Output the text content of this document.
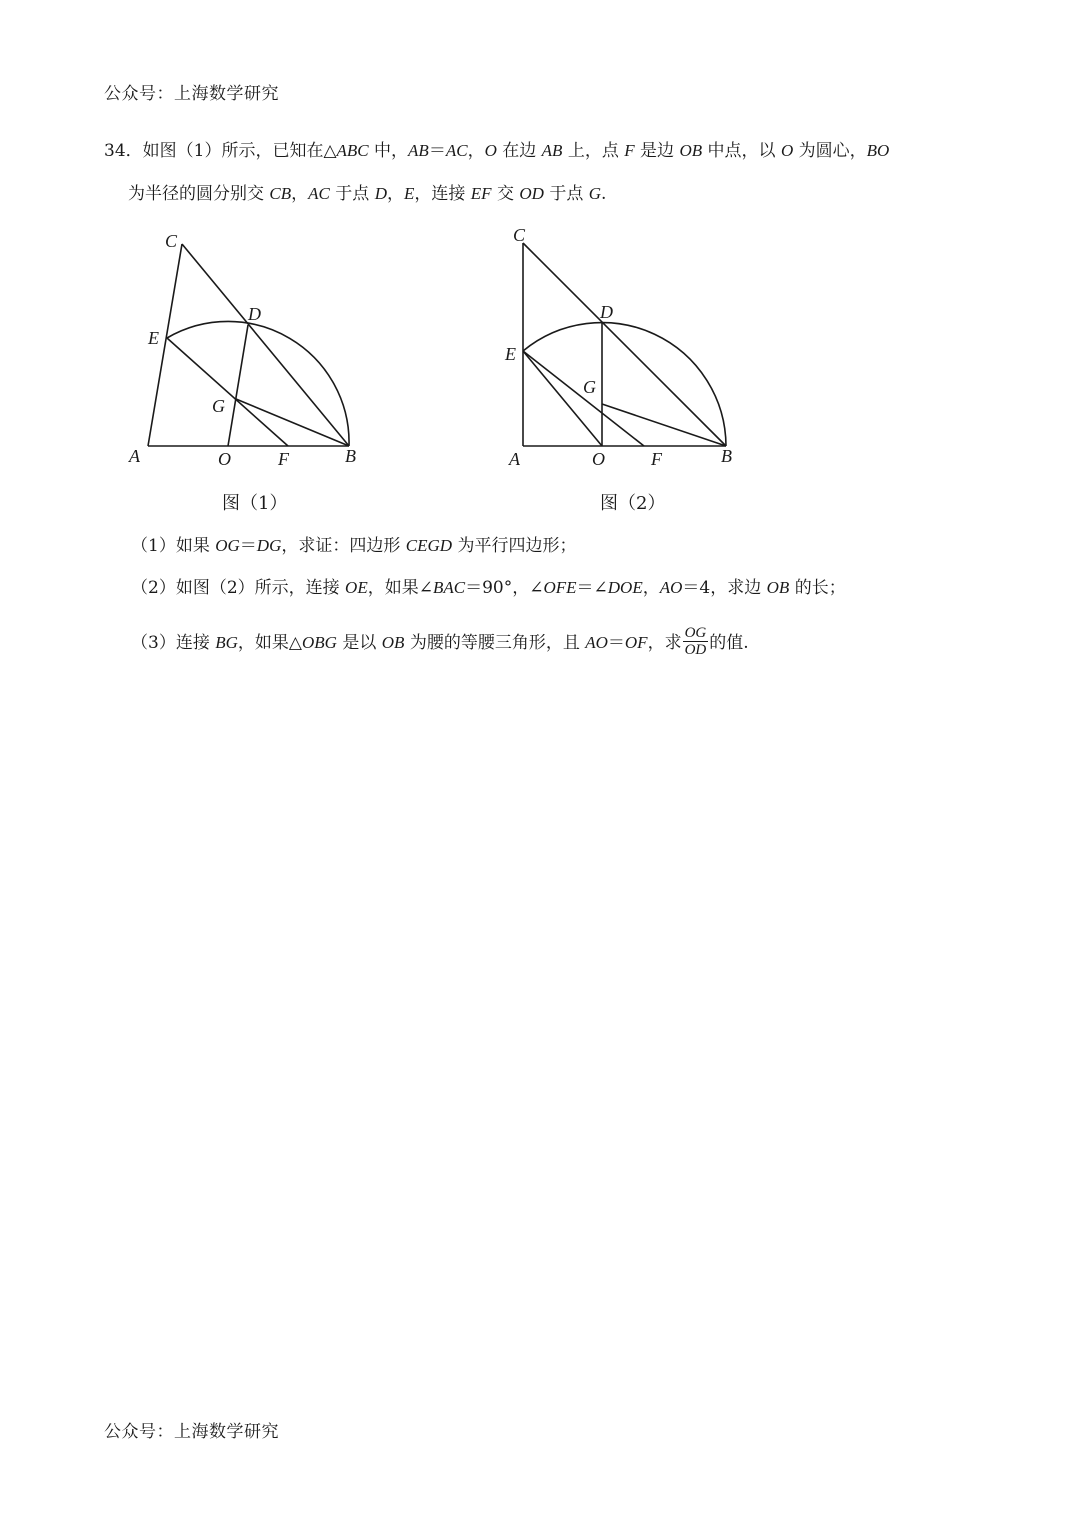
公众号：上海数学研究
34．如图（1）所示，已知在△ABC 中，AB＝AC，O 在边 AB 上，点 F 是边 OB 中点，以 O 为圆心，BO
为半径的圆分别交 CB，AC 于点 D，E，连接 EF 交 OD 于点 G.
C
D
E
G
A	O	F	B
C
D
E
G
A	O	F	B
图（1）	图（2）
（1）如果 OG＝DG，求证：四边形 CEGD 为平行四边形；
（2）如图（2）所示，连接 OE，如果∠BAC＝90°，∠OFE＝∠DOE，AO＝4，求边 OB 的长；
（3）连接 BG，如果△OBG 是以 OB 为腰的等腰三角形，且 AO＝OF，求 $\frac{OG}{OD}$ 的值.
公众号：上海数学研究
